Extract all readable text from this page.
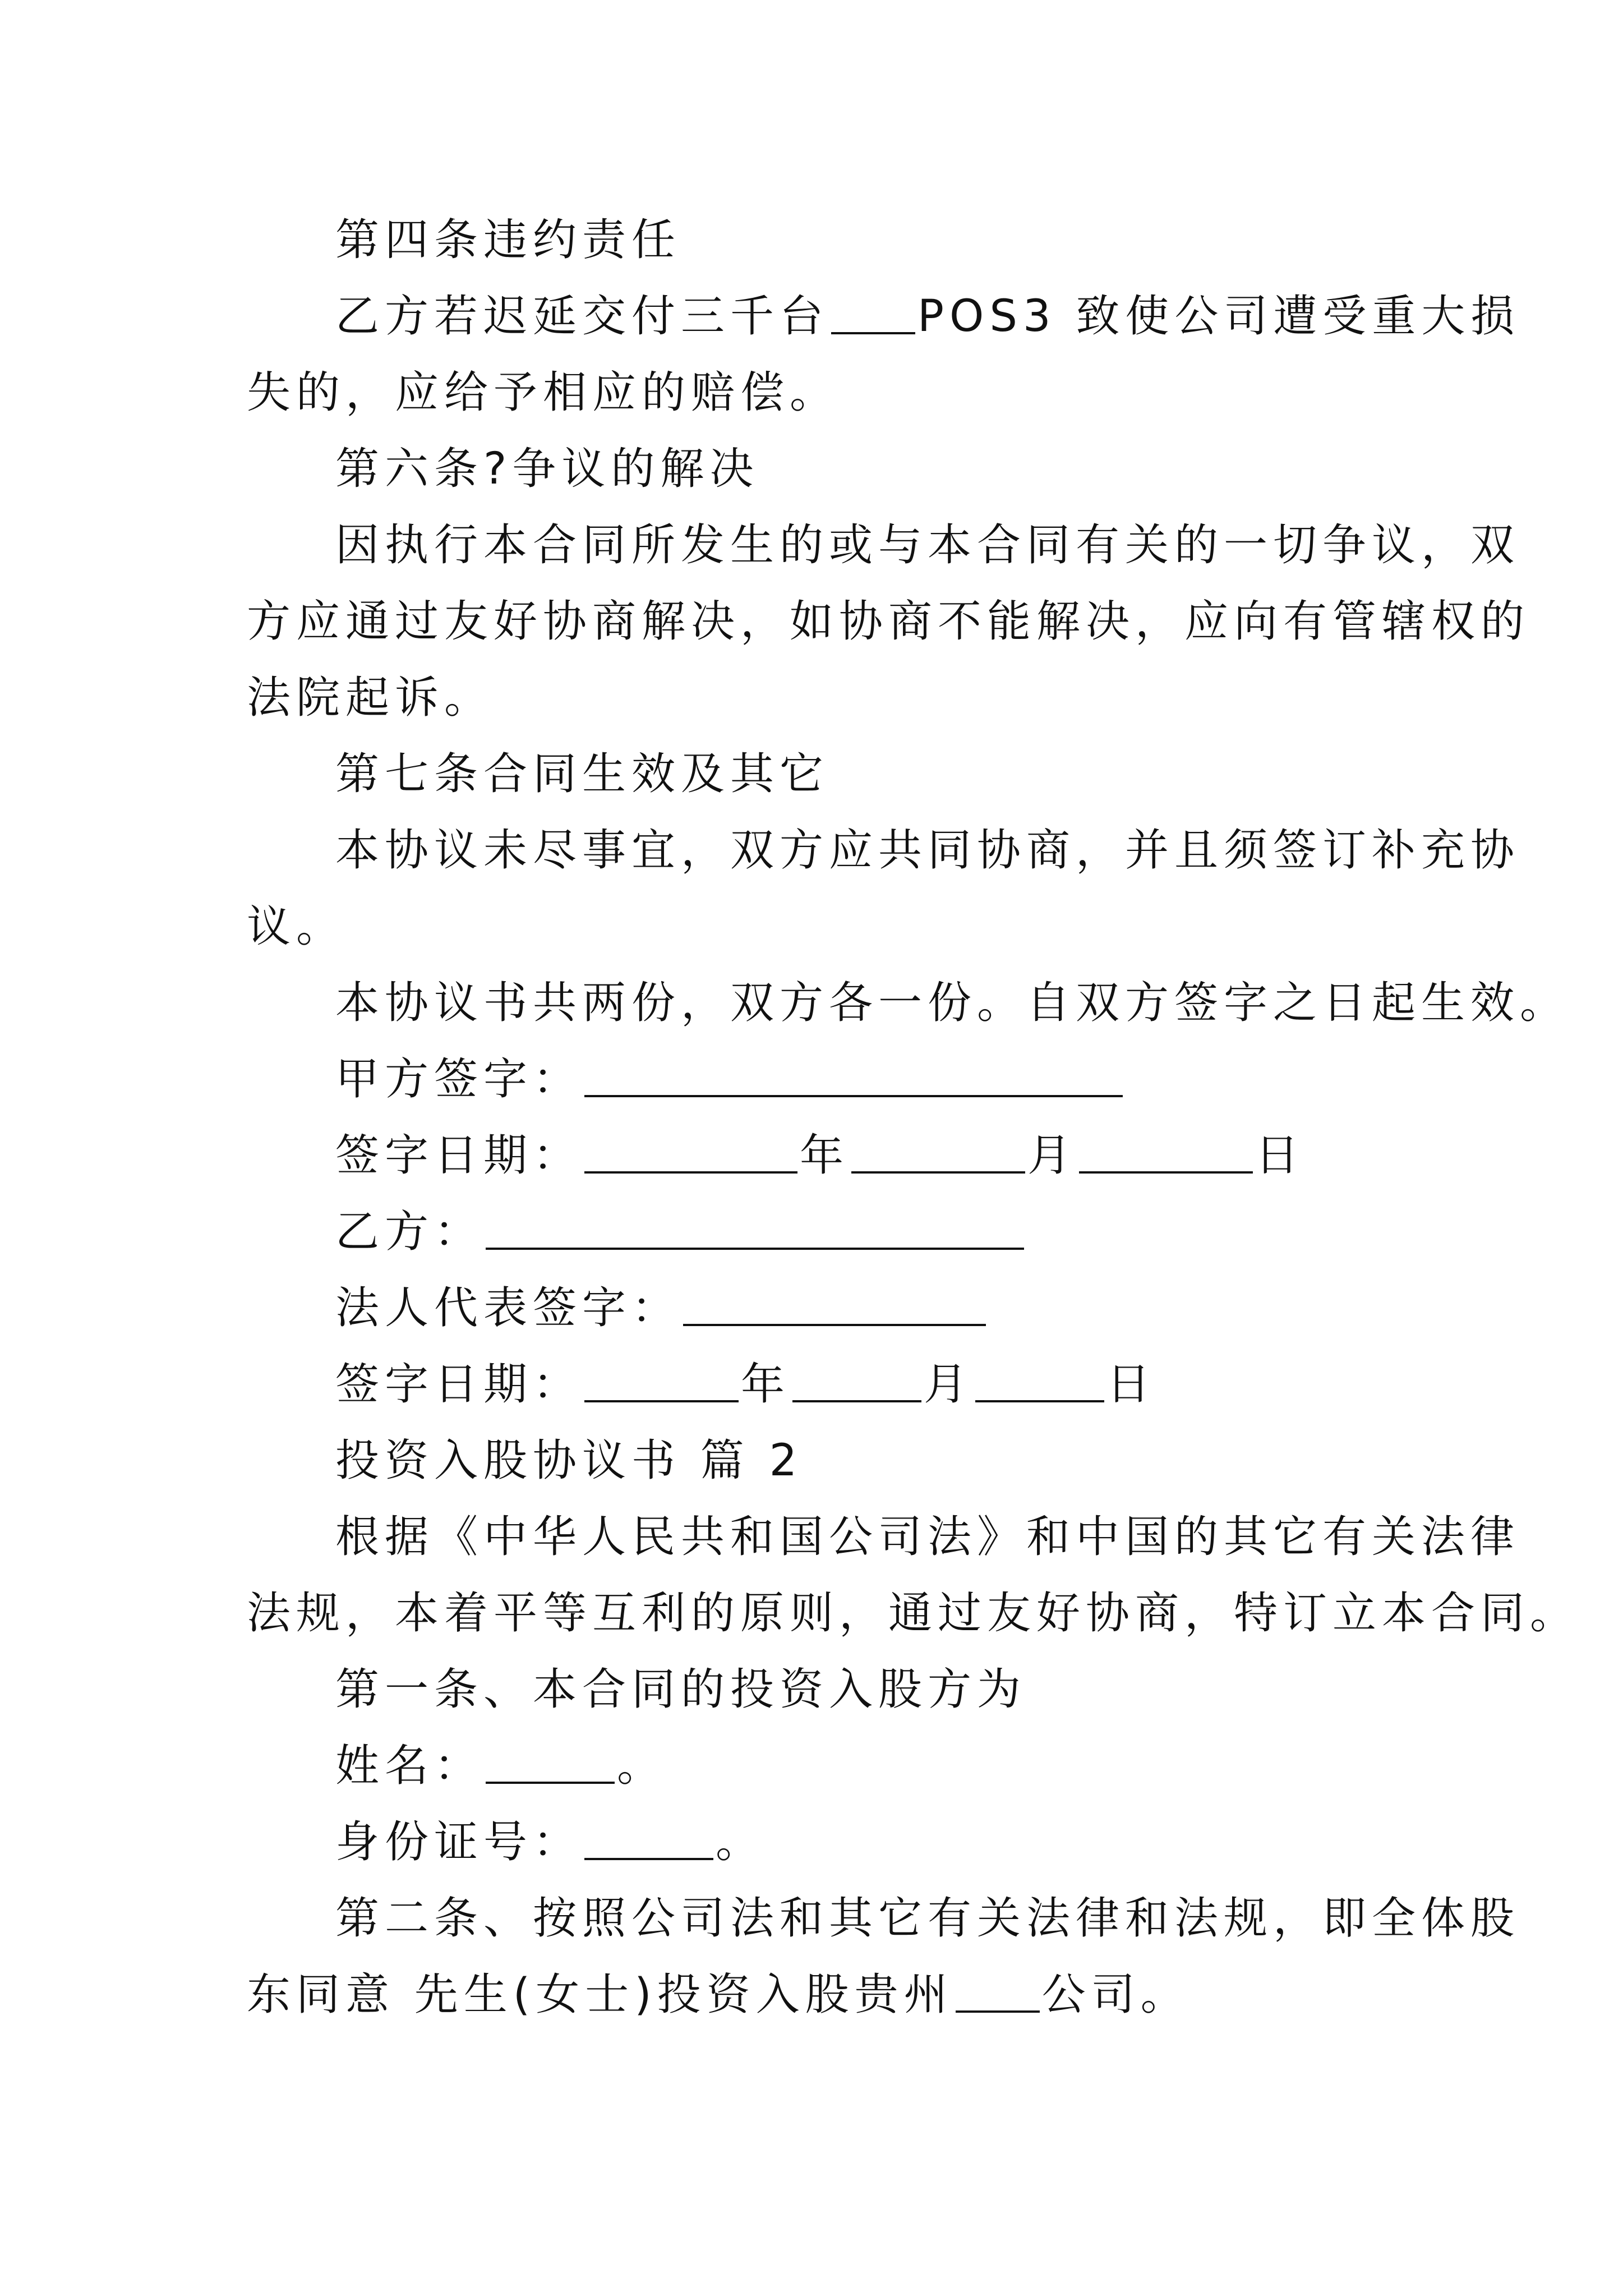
第四条违约责任

乙方若迟延交付三千台 POS3 致使公司遭受重大损

失的，应给予相应的赔偿。

第六条?争议的解决

因执行本合同所发生的或与本合同有关的一切争议，双

方应通过友好协商解决，如协商不能解决，应向有管辖权的

法院起诉。

第七条合同生效及其它

本协议未尽事宜，双方应共同协商，并且须签订补充协

议。

本协议书共两份，双方各一份。自双方签字之日起生效。

甲方签字：

签字日期：	年	月	日

乙方：

法人代表签字：

签字日期：	年	月	日

投资入股协议书 篇 2

根据《中华人民共和国公司法》和中国的其它有关法律

法规，本着平等互利的原则，通过友好协商，特订立本合同。

第一条、本合同的投资入股方为

姓名：	。

身份证号：	。

第二条、按照公司法和其它有关法律和法规，即全体股

东同意 先生(女士)投资入股贵州 公司。
